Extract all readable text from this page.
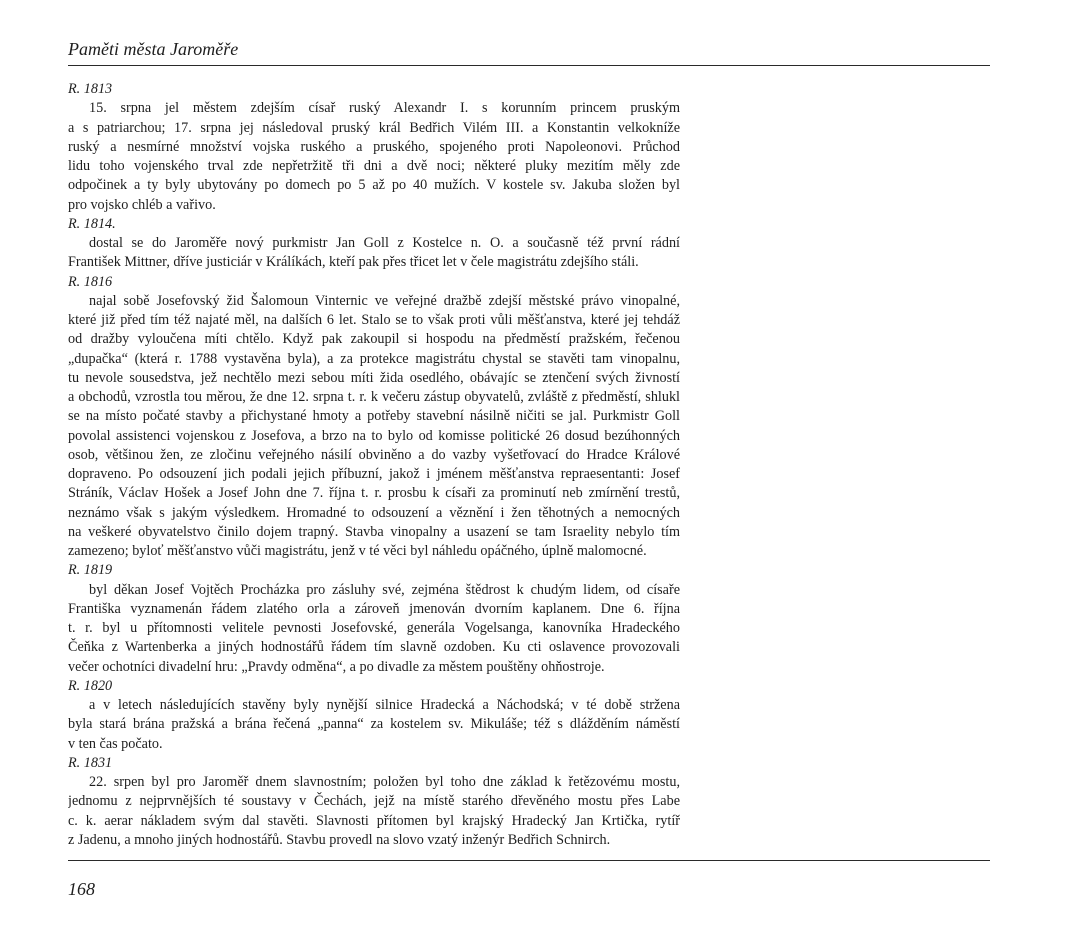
Paměti města Jaroměře
R. 1813
15. srpna jel městem zdejším císař ruský Alexandr I. s korunním princem pruským
a s patriarchou; 17. srpna jej následoval pruský král Bedřich Vilém III. a Konstantin velkokníže
ruský a nesmírné množství vojska ruského a pruského, spojeného proti Napoleonovi. Průchod
lidu toho vojenského trval zde nepřetržitě tři dni a dvě noci; některé pluky mezitím měly zde
odpočinek a ty byly ubytovány po domech po 5 až po 40 mužích. V kostele sv. Jakuba složen byl
pro vojsko chléb a vařivo.
R. 1814.
dostal se do Jaroměře nový purkmistr Jan Goll z Kostelce n. O. a současně též první rádní
František Mittner, dříve justiciár v Králíkách, kteří pak přes třicet let v čele magistrátu zdejšího stáli.
R. 1816
najal sobě Josefovský žid Šalomoun Vinternic ve veřejné dražbě zdejší městské právo vinopalné,
které již před tím též najaté měl, na dalších 6 let. Stalo se to však proti vůli měšťanstva, které jej tehdáž
od dražby vyloučena míti chtělo. Když pak zakoupil si hospodu na předměstí pražském, řečenou
„dupačka“ (která r. 1788 vystavěna byla), a za protekce magistrátu chystal se stavěti tam vinopalnu,
tu nevole sousedstva, jež nechtělo mezi sebou míti žida osedlého, obávajíc se ztenčení svých živností
a obchodů, vzrostla tou měrou, že dne 12. srpna t. r. k večeru zástup obyvatelů, zvláště z předměstí, shlukl
se na místo počaté stavby a přichystané hmoty a potřeby stavební násilně ničiti se jal. Purkmistr Goll
povolal assistenci vojenskou z Josefova, a brzo na to bylo od komisse politické 26 dosud bezúhonných
osob, většinou žen, ze zločinu veřejného násilí obviněno a do vazby vyšetřovací do Hradce Králové
dopraveno. Po odsouzení jich podali jejich příbuzní, jakož i jménem měšťanstva repraesentanti: Josef
Stráník, Václav Hošek a Josef John dne 7. října t. r. prosbu k císaři za prominutí neb zmírnění trestů,
neznámo však s jakým výsledkem. Hromadné to odsouzení a věznění i žen těhotných a nemocných
na veškeré obyvatelstvo činilo dojem trapný. Stavba vinopalny a usazení se tam Israelity nebylo tím
zamezeno; byloť měšťanstvo vůči magistrátu, jenž v té věci byl náhledu opáčného, úplně malomocné.
R. 1819
byl děkan Josef Vojtěch Procházka pro zásluhy své, zejména štědrost k chudým lidem, od císaře
Františka vyznamenán řádem zlatého orla a zároveň jmenován dvorním kaplanem. Dne 6. října
t. r. byl u přítomnosti velitele pevnosti Josefovské, generála Vogelsanga, kanovníka Hradeckého
Čeňka z Wartenberka a jiných hodnostářů řádem tím slavně ozdoben. Ku cti oslavence provozovali
večer ochotníci divadelní hru: „Pravdy odměna“, a po divadle za městem pouštěny ohňostroje.
R. 1820
a v letech následujících stavěny byly nynější silnice Hradecká a Náchodská; v té době stržena
byla stará brána pražská a brána řečená „panna“ za kostelem sv. Mikuláše; též s dlážděním náměstí
v ten čas počato.
R. 1831
22. srpen byl pro Jaroměř dnem slavnostním; položen byl toho dne základ k řetězovému mostu,
jednomu z nejprvnějších té soustavy v Čechách, jejž na místě starého dřevěného mostu přes Labe
c. k. aerar nákladem svým dal stavěti. Slavnosti přítomen byl krajský Hradecký Jan Krtička, rytíř
z Jadenu, a mnoho jiných hodnostářů. Stavbu provedl na slovo vzatý inženýr Bedřich Schnirch.
168
